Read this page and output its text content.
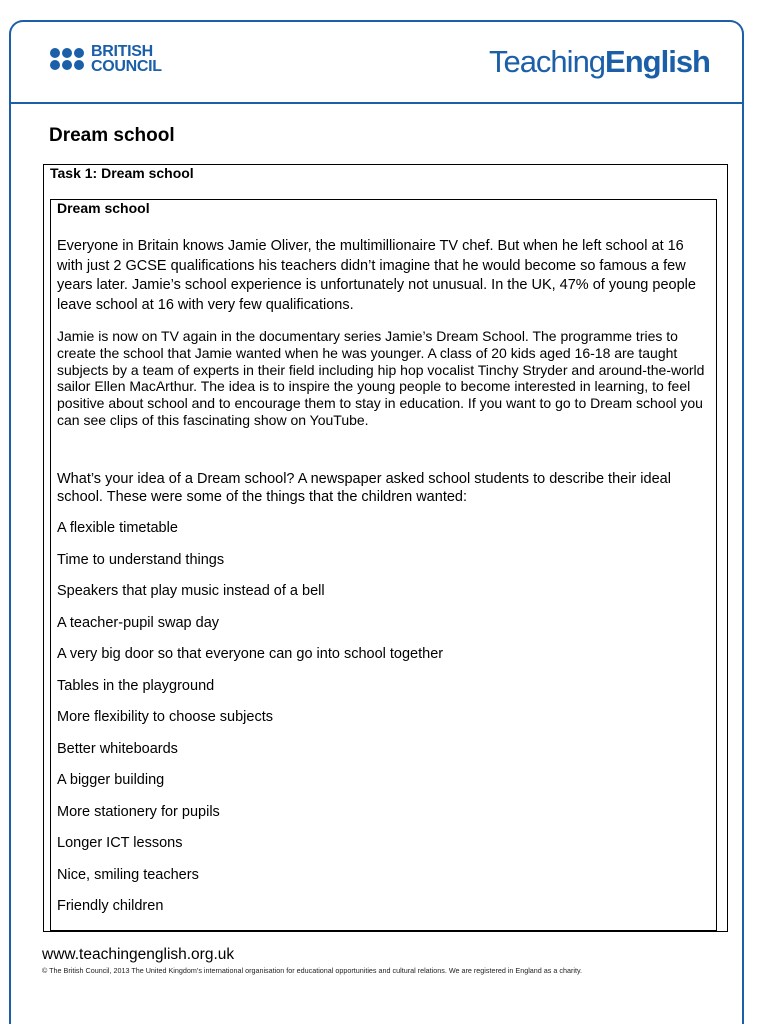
BRITISH
COUNCIL	TeachingEnglish
Dream school
Task 1: Dream school
Dream school
Everyone in Britain knows Jamie Oliver, the multimillionaire TV chef. But when he left school at 16 with just 2 GCSE qualifications his teachers didn’t imagine that he would become so famous a few years later. Jamie’s school experience is unfortunately not unusual. In the UK, 47% of young people leave school at 16 with very few qualifications.
Jamie is now on TV again in the documentary series Jamie’s Dream School. The programme tries to create the school that Jamie wanted when he was younger. A class of 20 kids aged 16-18 are taught subjects by a team of experts in their field including hip hop vocalist Tinchy Stryder and around-the-world sailor Ellen MacArthur. The idea is to inspire the young people to become interested in learning, to feel positive about school and to encourage them to stay in education. If you want to go to Dream school you can see clips of this fascinating show on YouTube.
What’s your idea of a Dream school? A newspaper asked school students to describe their ideal school. These were some of the things that the children wanted:
A flexible timetable
Time to understand things
Speakers that play music instead of a bell
A teacher-pupil swap day
A very big door so that everyone can go into school together
Tables in the playground
More flexibility to choose subjects
Better whiteboards
A bigger building
More stationery for pupils
Longer ICT lessons
Nice, smiling teachers
Friendly children
www.teachingenglish.org.uk
© The British Council, 2013 The United Kingdom’s international organisation for educational opportunities and cultural relations. We are registered in England as a charity.
